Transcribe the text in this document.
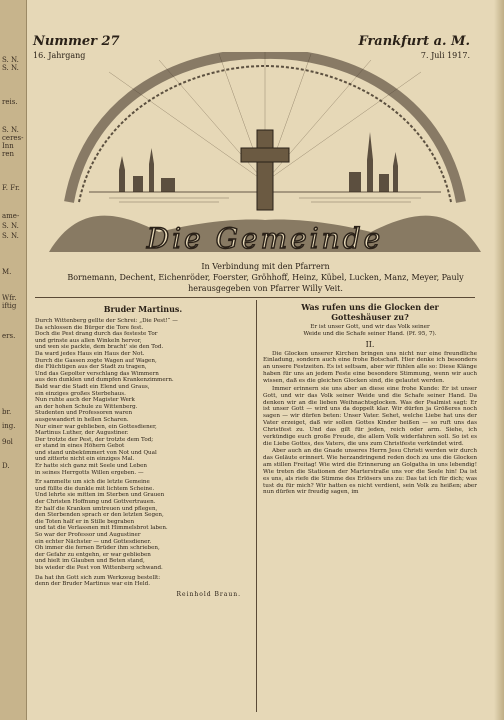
S. N.
S. N.
reis.
S. N.
ceres-
Inn
ren
F. Fr.
ame-
S. N.
S. N.
M.
Wfr.
iftig
ers.
br.
ing.
9ol
D.
Nummer 27
16. Jahrgang
Frankfurt a. M.
7. Juli 1917.
Die Gemeinde
In Verbindung mit den Pfarrern
Bornemann, Dechent, Eichenröder, Foerster, Gröhhoff, Heinz, Kübel, Lucken, Manz, Meyer, Pauly
herausgegeben von Pfarrer Willy Veit.
Bruder Martinus.
Durch Wittenberg gellte der Schrei: „Die Pest!“ —
Da schlossen die Bürger die Tore fest.
Doch die Pest drang durch das festeste Tor
und grinste aus allen Winkeln hervor,
und wen sie packte, dem bracht' sie den Tod.
Da ward jedes Haus ein Haus der Not.
Durch die Gassen zogte Wagen auf Wagen,
die Flüchtigen aus der Stadt zu tragen,
Und das Gepolter verschlang das Wimmern
aus den dunklen und dumpfen Krankenzimmern.
Bald war die Stadt ein Elend und Graus,
ein einziges großes Sterbehaus.
Nun ruhte auch der Magister Werk
an der hohen Schule zu Wittenberg.
Studenten und Professoren waren
ausgewandert in hellen Scharen.
Nur einer war geblieben, ein Gottesdiener,
Martinus Luther, der Augustiner.
Der trotzte der Pest, der trotzte dem Tod;
er stand in eines Höhern Gebot
und stand unbekümmert von Not und Qual
und zitterte nicht ein einziges Mal.
Er hatte sich ganz mit Seele und Leben
in seines Herrgotts Willen ergeben. —
Er sammelte um sich die letzte Gemeine
und füllte die dunkle mit lichtem Scheine.
Und lehrte sie mitten im Sterben und Grauen
der Christen Hoffnung und Gottvertrauen.
Er half die Kranken umtreuen und pflegen,
den Sterbenden sprach er den letzten Segen,
die Toten half er in Stille begraben
und tat die Verlassnen mit Himmelsbrot laben.
So war der Professor und Augustiner
ein echter Nächster — und Gottesdiener.
Oh immer die fernen Brüder ihm schrieben,
der Gefahr zu entgehn, er war geblieben
und hielt im Glauben und Beten stand,
bis wieder die Pest von Wittenberg schwand.
Da hat ihn Gott sich zum Werkzeug bestellt:
denn der Bruder Martinus war ein Held.
Reinhold Braun.
Was rufen uns die Glocken der
Gotteshäuser zu?
Er ist unser Gott, und wir das Volk seiner
Weide und die Schafe seiner Hand. (Pf. 95, 7).
II.

Die Glocken unserer Kirchen bringen uns nicht nur eine freundliche Einladung, sondern auch eine frohe Botschaft. Hier denke ich besonders an unsere Festzeiten. Es ist seltsam, aber wir fühlen alle so: Diese Klänge haben für uns an jedem Feste eine besondere Stimmung, wenn wir auch wissen, daß es die gleichen Glocken sind, die gelautet werden.

Immer erinnern sie uns aber an diese eine frohe Kunde: Er ist unser Gott, und wir das Volk seiner Weide und die Schafe seiner Hand. Da denken wir an die lieben Weihnachtsglocken. Was der Psalmist sagt: Er ist unser Gott — wird uns da doppelt klar. Wir dürfen ja Größeres noch sagen — wir dürfen beten: Unser Vater. Sehet, welche Liebe hat uns der Vater erzeiget, daß wir sollen Gottes Kinder heißen — so ruft uns das Christfest zu. Und das gilt für jeden, reich oder arm. Siehe, ich verkündige euch große Freude, die allem Volk widerfahren soll. So ist es die Liebe Gottes, des Vaters, die uns zum Christfeste verkündet wird.

Aber auch an die Gnade unseres Herrn Jesu Christi werden wir durch das Geläute erinnert. Wie herzandringend reden doch zu uns die Glocken am stillen Freitag! Wie wird die Erinnerung an Golgatha in uns lebendig! Wie treten die Stationen der Marterstraße uns vor die Seele hin! Da ist es uns, als riefe die Stimme des Erlösers uns zu: Das tat ich für dich; was tust du für mich? Wir hatten es nicht verdient, sein Volk zu heißen; aber nun dürfen wir freudig sagen, im
